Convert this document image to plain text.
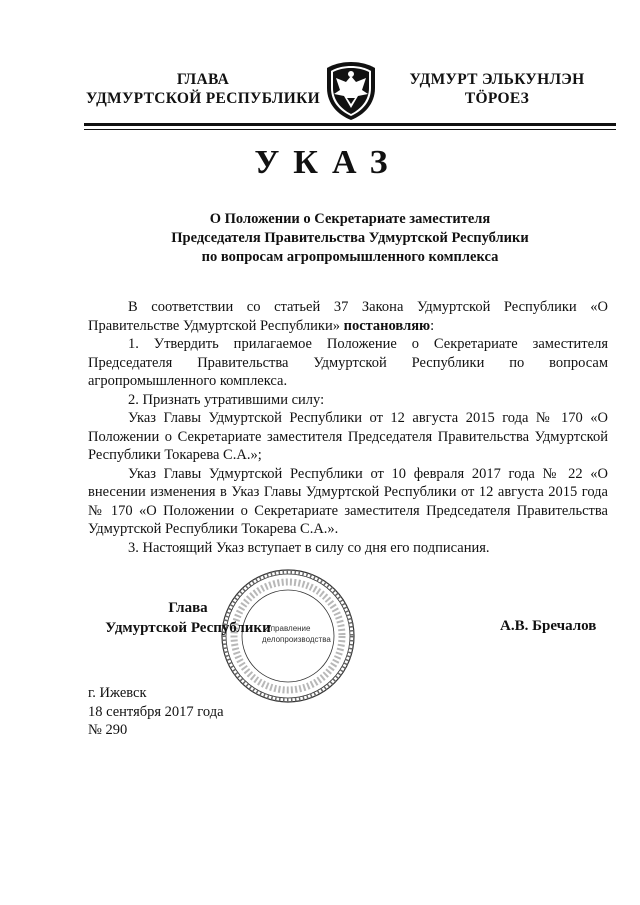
ГЛАВА
УДМУРТСКОЙ РЕСПУБЛИКИ
УДМУРТ ЭЛЬКУНЛЭН
ТӦРОЕЗ
УКАЗ
О Положении о Секретариате заместителя
Председателя Правительства Удмуртской Республики
по вопросам агропромышленного комплекса

В соответствии со статьей 37 Закона Удмуртской Республики «О Правительстве Удмуртской Республики» постановляю:

1. Утвердить прилагаемое Положение о Секретариате заместителя Председателя Правительства Удмуртской Республики по вопросам агропромышленного комплекса.

2. Признать утратившими силу:

Указ Главы Удмуртской Республики от 12 августа 2015 года № 170 «О Положении о Секретариате заместителя Председателя Правительства Удмуртской Республики Токарева С.А.»;

Указ Главы Удмуртской Республики от 10 февраля 2017 года № 22 «О внесении изменения в Указ Главы Удмуртской Республики от 12 августа 2015 года № 170 «О Положении о Секретариате заместителя Председателя Правительства Удмуртской Республики Токарева С.А.».

3. Настоящий Указ вступает в силу со дня его подписания.

Управление
делопроизводства
Глава
Удмуртской Республики	А.В. Бречалов
г. Ижевск
18 сентября 2017 года
№ 290
